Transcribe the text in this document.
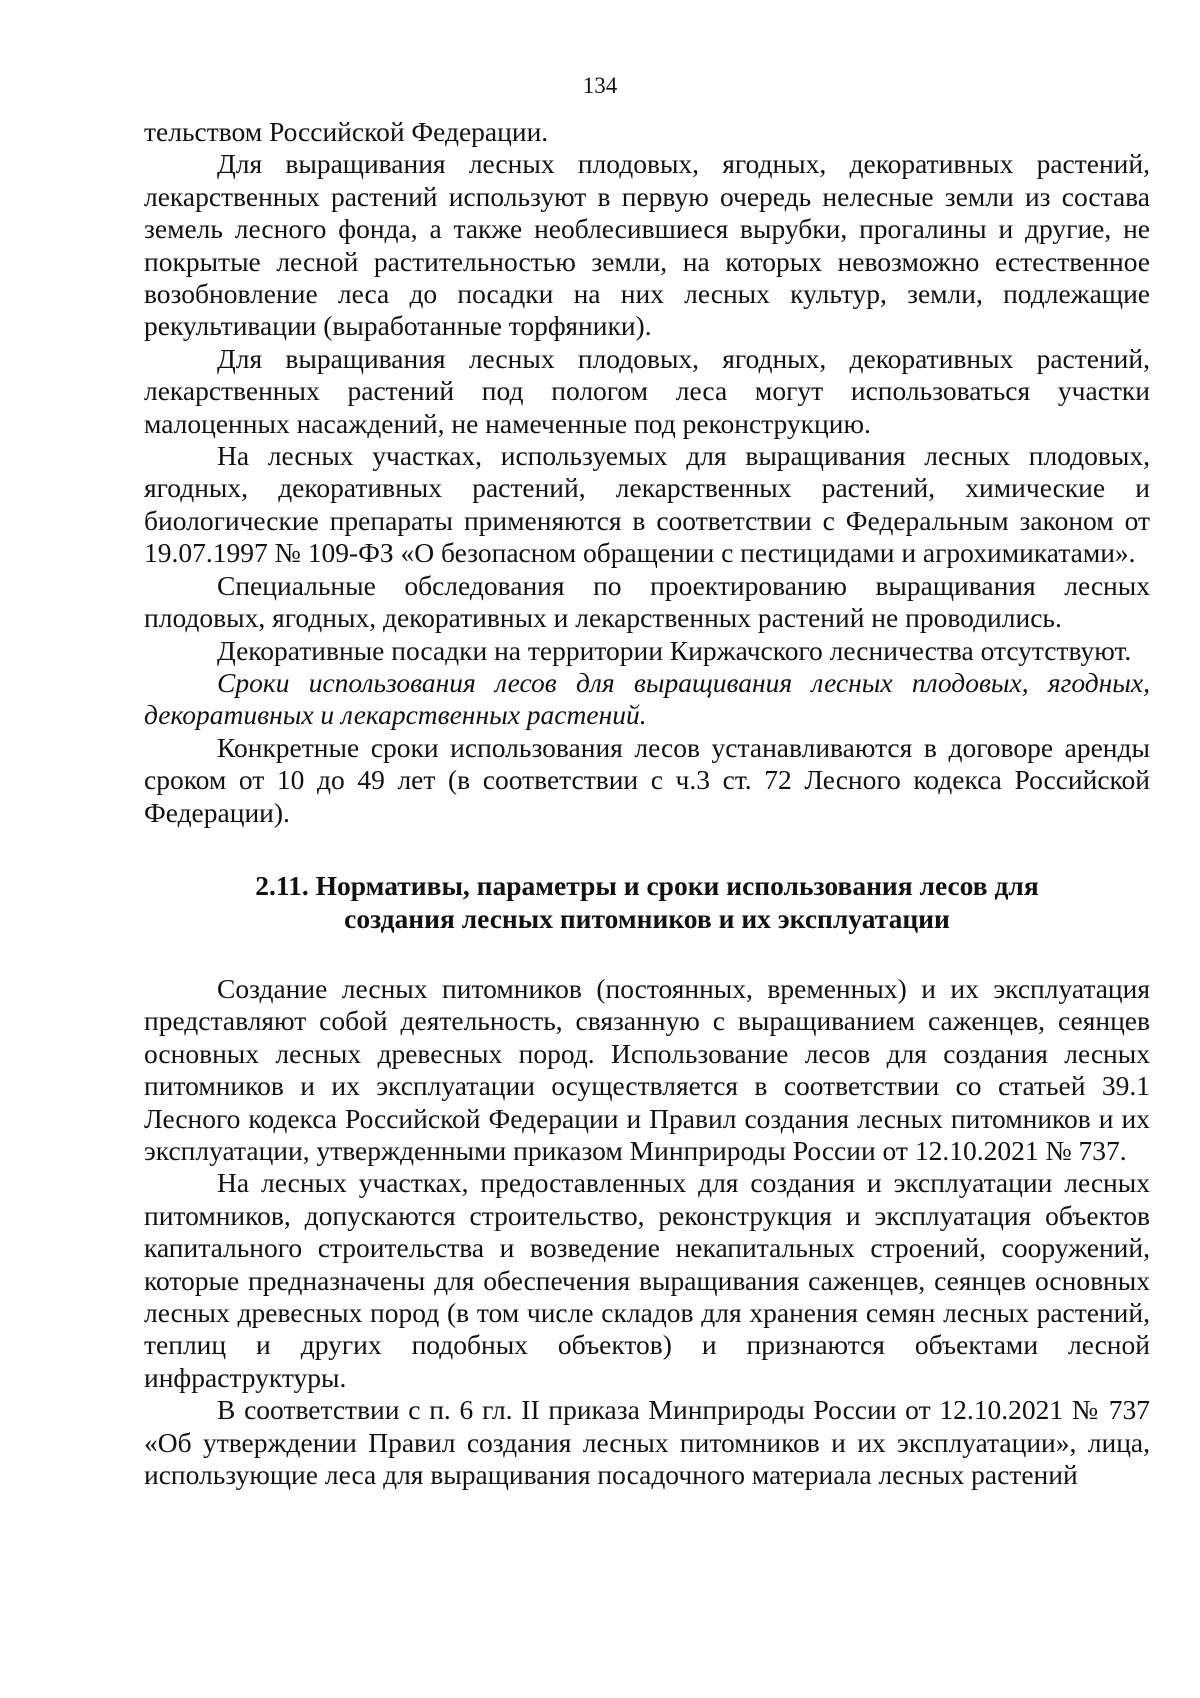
134

тельством Российской Федерации.

Для выращивания лесных плодовых, ягодных, декоративных растений, лекарственных растений используют в первую очередь нелесные земли из состава земель лесного фонда, а также необлесившиеся вырубки, прогалины и другие, не покрытые лесной растительностью земли, на которых невозможно естественное возобновление леса до посадки на них лесных культур, земли, подлежащие рекультивации (выработанные торфяники).

Для выращивания лесных плодовых, ягодных, декоративных растений, лекарственных растений под пологом леса могут использоваться участки малоценных насаждений, не намеченные под реконструкцию.

На лесных участках, используемых для выращивания лесных плодовых, ягодных, декоративных растений, лекарственных растений, химические и биологические препараты применяются в соответствии с Федеральным законом от 19.07.1997 № 109-ФЗ «О безопасном обращении с пестицидами и агрохимикатами».

Специальные обследования по проектированию выращивания лесных плодовых, ягодных, декоративных и лекарственных растений не проводились.

Декоративные посадки на территории Киржачского лесничества отсутствуют.

Сроки использования лесов для выращивания лесных плодовых, ягодных, декоративных и лекарственных растений.

Конкретные сроки использования лесов устанавливаются в договоре аренды сроком от 10 до 49 лет (в соответствии с ч.3 ст. 72 Лесного кодекса Российской Федерации).

2.11. Нормативы, параметры и сроки использования лесов для создания лесных питомников и их эксплуатации

Создание лесных питомников (постоянных, временных) и их эксплуатация представляют собой деятельность, связанную с выращиванием саженцев, сеянцев основных лесных древесных пород. Использование лесов для создания лесных питомников и их эксплуатации осуществляется в соответствии со статьей 39.1 Лесного кодекса Российской Федерации и Правил создания лесных питомников и их эксплуатации, утвержденными приказом Минприроды России от 12.10.2021 № 737.

На лесных участках, предоставленных для создания и эксплуатации лесных питомников, допускаются строительство, реконструкция и эксплуатация объектов капитального строительства и возведение некапитальных строений, сооружений, которые предназначены для обеспечения выращивания саженцев, сеянцев основных лесных древесных пород (в том числе складов для хранения семян лесных растений, теплиц и других подобных объектов) и признаются объектами лесной инфраструктуры.

В соответствии с п. 6 гл. II приказа Минприроды России от 12.10.2021 № 737 «Об утверждении Правил создания лесных питомников и их эксплуатации», лица, использующие леса для выращивания посадочного материала лесных растений
